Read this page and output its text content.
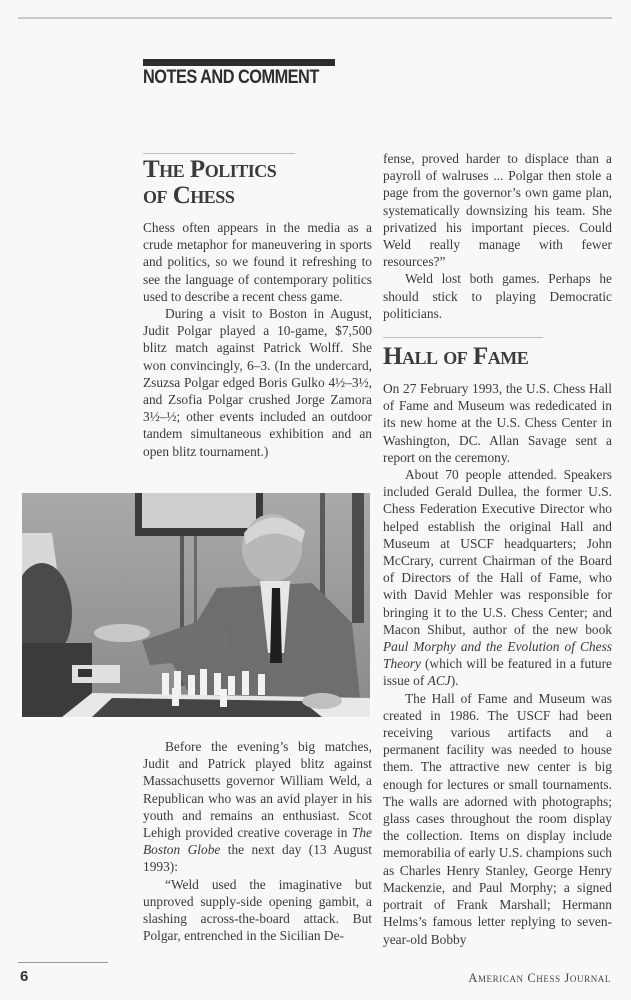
NOTES AND COMMENT
The Politics
of Chess

Chess often appears in the media as a crude metaphor for maneuvering in sports and politics, so we found it refreshing to see the language of contemporary politics used to describe a recent chess game.

During a visit to Boston in August, Judit Polgar played a 10-game, $7,500 blitz match against Patrick Wolff. She won convincingly, 6–3. (In the undercard, Zsuzsa Polgar edged Boris Gulko 4½–3½, and Zsofia Polgar crushed Jorge Zamora 3½–½; other events included an outdoor tandem simultaneous exhibition and an open blitz tournament.)

Before the evening’s big matches, Judit and Patrick played blitz against Massachusetts governor William Weld, a Republican who was an avid player in his youth and remains an enthusiast. Scot Lehigh provided creative coverage in The Boston Globe the next day (13 August 1993):

“Weld used the imaginative but unproved supply-side opening gambit, a slashing across-the-board attack. But Polgar, entrenched in the Sicilian De-

fense, proved harder to displace than a payroll of walruses ... Polgar then stole a page from the governor’s own game plan, systematically downsizing his team. She privatized his important pieces. Could Weld really manage with fewer resources?”

Weld lost both games. Perhaps he should stick to playing Democratic politicians.

Hall of Fame

On 27 February 1993, the U.S. Chess Hall of Fame and Museum was rededicated in its new home at the U.S. Chess Center in Washington, DC. Allan Savage sent a report on the ceremony.

About 70 people attended. Speakers included Gerald Dullea, the former U.S. Chess Federation Executive Director who helped establish the original Hall and Museum at USCF headquarters; John McCrary, current Chairman of the Board of Directors of the Hall of Fame, who with David Mehler was responsible for bringing it to the U.S. Chess Center; and Macon Shibut, author of the new book Paul Morphy and the Evolution of Chess Theory (which will be featured in a future issue of ACJ).

The Hall of Fame and Museum was created in 1986. The USCF had been receiving various artifacts and a permanent facility was needed to house them. The attractive new center is big enough for lectures or small tournaments. The walls are adorned with photographs; glass cases throughout the room display the collection. Items on display include memorabilia of early U.S. champions such as Charles Henry Stanley, George Henry Mackenzie, and Paul Morphy; a signed portrait of Frank Marshall; Hermann Helms’s famous letter replying to seven-year-old Bobby

6	American Chess Journal
